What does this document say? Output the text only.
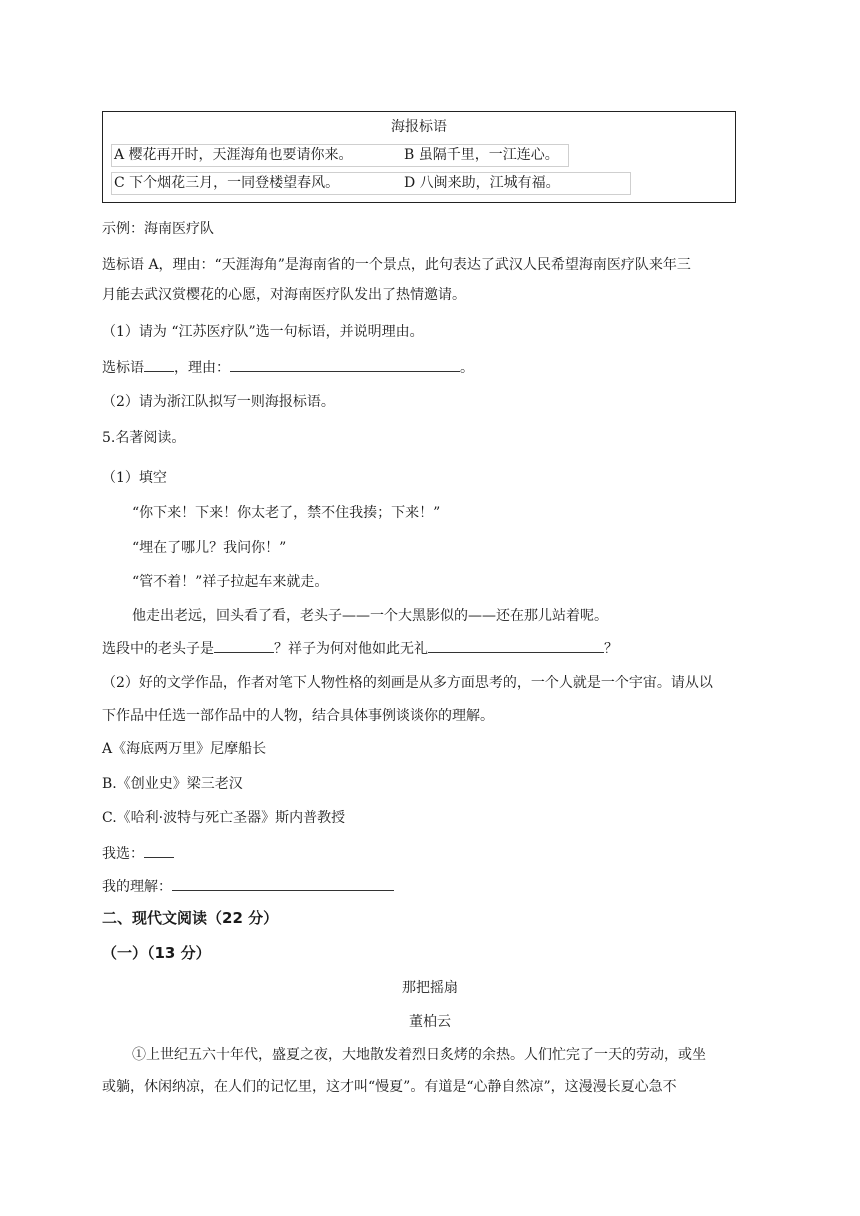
海报标语
A 樱花再开时，天涯海角也要请你来。	B 虽隔千里，一江连心。
C 下个烟花三月，一同登楼望春风。	D 八闽来助，江城有福。
示例：海南医疗队
选标语 A，理由：“天涯海角”是海南省的一个景点，此句表达了武汉人民希望海南医疗队来年三
月能去武汉赏樱花的心愿，对海南医疗队发出了热情邀请。
（1）请为 “江苏医疗队”选一句标语，并说明理由。
选标语 ，理由：	。
（2）请为浙江队拟写一则海报标语。
5.名著阅读。
（1）填空
“你下来！下来！你太老了，禁不住我揍；下来！”
“埋在了哪儿？我问你！”
“管不着！”祥子拉起车来就走。
他走出老远，回头看了看，老头子——一个大黑影似的——还在那儿站着呢。
选段中的老头子是	？祥子为何对他如此无礼	？
（2）好的文学作品，作者对笔下人物性格的刻画是从多方面思考的，一个人就是一个宇宙。请从以
下作品中任选一部作品中的人物，结合具体事例谈谈你的理解。
A《海底两万里》尼摩船长
B.《创业史》梁三老汉
C.《哈利·波特与死亡圣器》斯内普教授
我选：
我的理解：
二、现代文阅读（22 分）
（一）（13 分）
那把摇扇
董柏云
①上世纪五六十年代，盛夏之夜，大地散发着烈日炙烤的余热。人们忙完了一天的劳动，或坐
或躺，休闲纳凉，在人们的记忆里，这才叫“慢夏”。有道是“心静自然凉”，这漫漫长夏心急不
